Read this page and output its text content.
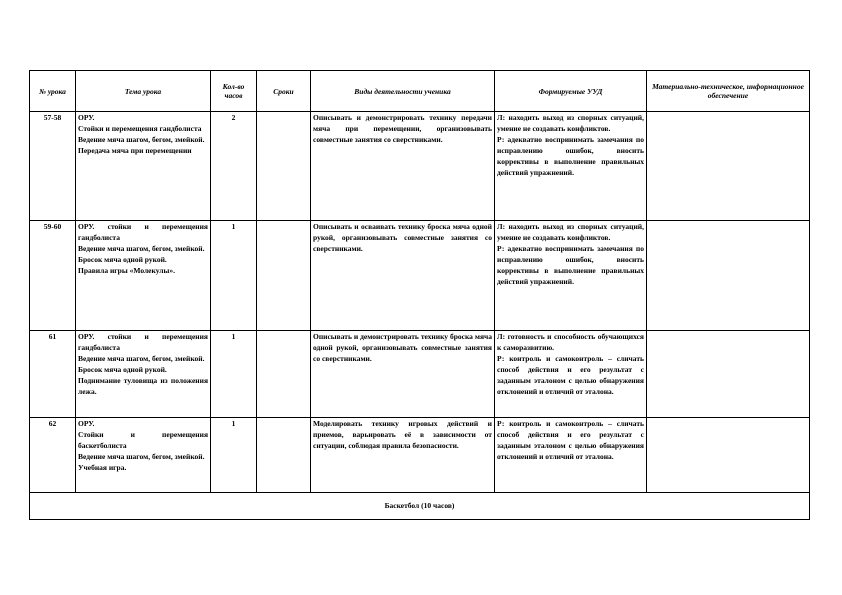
№ урока	Тема урока	Кол-во часов	Сроки	Виды деятельности ученика	Формируемые УУД	Материально-техническое, информационное обеспечение
57-58	ОРУ.
Стойки и перемещения гандболиста
Ведение мяча шагом, бегом, змейкой.
Передача мяча при перемещении	2		Описывать и демонстрировать технику передачи мяча при перемещении, организовывать совместные занятия со сверстниками.	Л: находить выход из спорных ситуаций, умение не создавать конфликтов.
Р: адекватно воспринимать замечания по исправлению ошибок, вносить коррективы в выполнение правильных действий упражнений.	

59-60	ОРУ. стойки и перемещения гандболиста
Ведение мяча шагом, бегом, змейкой.
Бросок мяча одной рукой.
Правила игры «Молекулы».	1		Описывать и осваивать технику броска мяча одной рукой, организовывать совместные занятия со сверстниками.	Л: находить выход из спорных ситуаций, умение не создавать конфликтов.
Р: адекватно воспринимать замечания по исправлению ошибок, вносить коррективы в выполнение правильных действий упражнений.	

61	ОРУ. стойки и перемещения гандболиста
Ведение мяча шагом, бегом, змейкой.
Бросок мяча одной рукой.
Поднимание туловища из положения лежа.	1		Описывать и демонстрировать технику броска мяча одной рукой, организовывать совместные занятия со сверстниками.	Л: готовность и способность обучающихся к саморазвитию.
Р: контроль и самоконтроль – сличать способ действия и его результат с заданным эталоном с целью обнаружения отклонений и отличий от эталона.	

62	ОРУ.
Стойки и перемещения баскетболиста
Ведение мяча шагом, бегом, змейкой.
Учебная игра.	1		Моделировать технику игровых действий и приемов, варьировать её в зависимости от ситуации, соблюдая правила безопасности.	Р: контроль и самоконтроль – сличать способ действия и его результат с заданным эталоном с целью обнаружения отклонений и отличий от эталона.	

Баскетбол (10 часов)						
